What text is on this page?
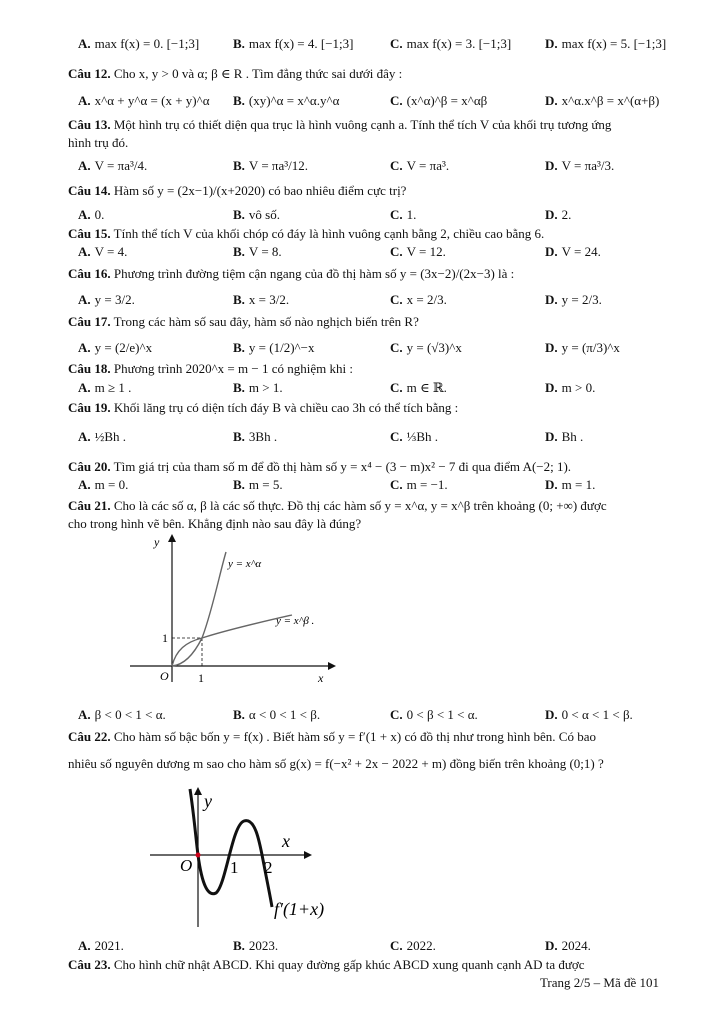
A. max f(x) = 0. [−1;3]	B. max f(x) = 4. [−1;3]	C. max f(x) = 3. [−1;3]	D. max f(x) = 5. [−1;3]
Câu 12. Cho x, y > 0 và α; β ∈ R . Tìm đẳng thức sai dưới đây :
A. x^α + y^α = (x + y)^α B. (xy)^α = x^α.y^α	C. (x^α)^β = x^αβ	D. x^α.x^β = x^(α+β)
Câu 13. Một hình trụ có thiết diện qua trục là hình vuông cạnh a. Tính thể tích V của khối trụ tương ứng
hình trụ đó.
A. V = πa³/4.	B. V = πa³/12.	C. V = πa³.	D. V = πa³/3.
Câu 14. Hàm số y = (2x−1)/(x+2020) có bao nhiêu điểm cực trị?
A. 0.	B. vô số.	C. 1.	D. 2.
Câu 15. Tính thể tích V của khối chóp có đáy là hình vuông cạnh bằng 2, chiều cao bằng 6.
A. V = 4.	B. V = 8.	C. V = 12.	D. V = 24.
Câu 16. Phương trình đường tiệm cận ngang của đồ thị hàm số y = (3x−2)/(2x−3) là :
A. y = 3/2.	B. x = 3/2.	C. x = 2/3.	D. y = 2/3.
Câu 17. Trong các hàm số sau đây, hàm số nào nghịch biến trên R?
A. y = (2/e)^x	B. y = (1/2)^−x	C. y = (√3)^x	D. y = (π/3)^x
Câu 18. Phương trình 2020^x = m − 1 có nghiệm khi :
A. m ≥ 1 .	B. m > 1.	C. m ∈ ℝ.	D. m > 0.
Câu 19. Khối lăng trụ có diện tích đáy B và chiều cao 3h có thể tích bằng :
A. ½Bh .	B. 3Bh .	C. ⅓Bh .	D. Bh .
Câu 20. Tìm giá trị của tham số m để đồ thị hàm số y = x⁴ − (3 − m)x² − 7 đi qua điểm A(−2; 1).
A. m = 0.	B. m = 5.	C. m = −1.	D. m = 1.
Câu 21. Cho là các số α, β là các số thực. Đồ thị các hàm số y = x^α, y = x^β trên khoảng (0; +∞) được
cho trong hình vẽ bên. Khẳng định nào sau đây là đúng?
y
x
O 1
1
y = x^α
y = x^β .
A. β < 0 < 1 < α.	B. α < 0 < 1 < β.	C. 0 < β < 1 < α.	D. 0 < α < 1 < β.
Câu 22. Cho hàm số bậc bốn y = f(x) . Biết hàm số y = f′(1 + x) có đồ thị như trong hình bên. Có bao
nhiêu số nguyên dương m sao cho hàm số g(x) = f(−x² + 2x − 2022 + m) đồng biến trên khoảng (0;1) ?
y
x
O 1 2
f′(1+x)
A. 2021.	B. 2023.	C. 2022.	D. 2024.
Câu 23. Cho hình chữ nhật ABCD. Khi quay đường gấp khúc ABCD xung quanh cạnh AD ta được
Trang 2/5 – Mã đề 101
